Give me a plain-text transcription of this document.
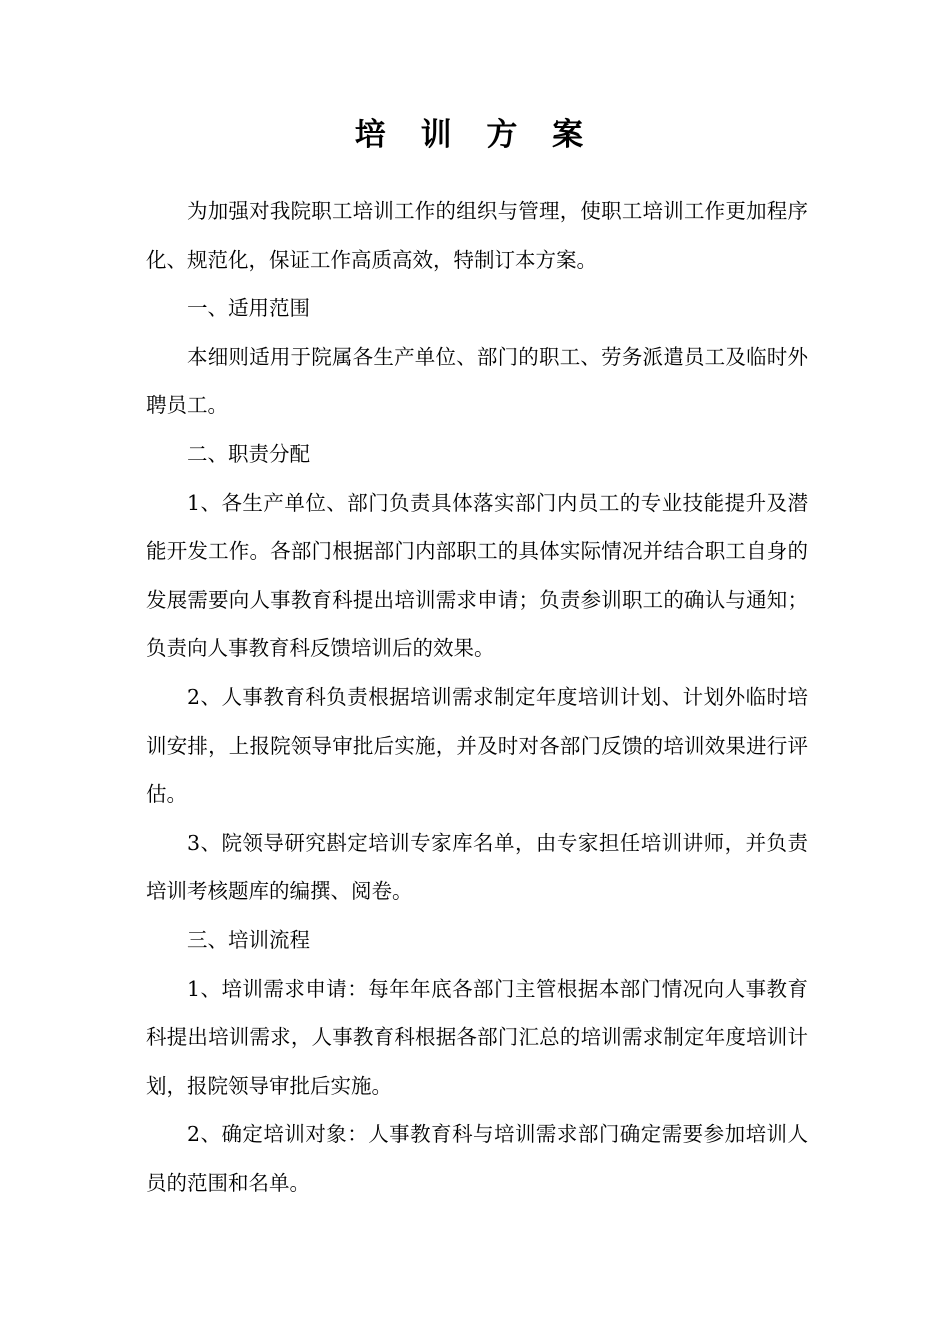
培 训 方 案

为加强对我院职工培训工作的组织与管理，使职工培训工作更加程序化、规范化，保证工作高质高效，特制订本方案。

一、适用范围

本细则适用于院属各生产单位、部门的职工、劳务派遣员工及临时外聘员工。

二、职责分配

1、各生产单位、部门负责具体落实部门内员工的专业技能提升及潜能开发工作。各部门根据部门内部职工的具体实际情况并结合职工自身的发展需要向人事教育科提出培训需求申请；负责参训职工的确认与通知；负责向人事教育科反馈培训后的效果。

2、人事教育科负责根据培训需求制定年度培训计划、计划外临时培训安排，上报院领导审批后实施，并及时对各部门反馈的培训效果进行评估。

3、院领导研究斟定培训专家库名单，由专家担任培训讲师，并负责培训考核题库的编撰、阅卷。

三、培训流程

1、培训需求申请：每年年底各部门主管根据本部门情况向人事教育科提出培训需求，人事教育科根据各部门汇总的培训需求制定年度培训计划，报院领导审批后实施。

2、确定培训对象：人事教育科与培训需求部门确定需要参加培训人员的范围和名单。
